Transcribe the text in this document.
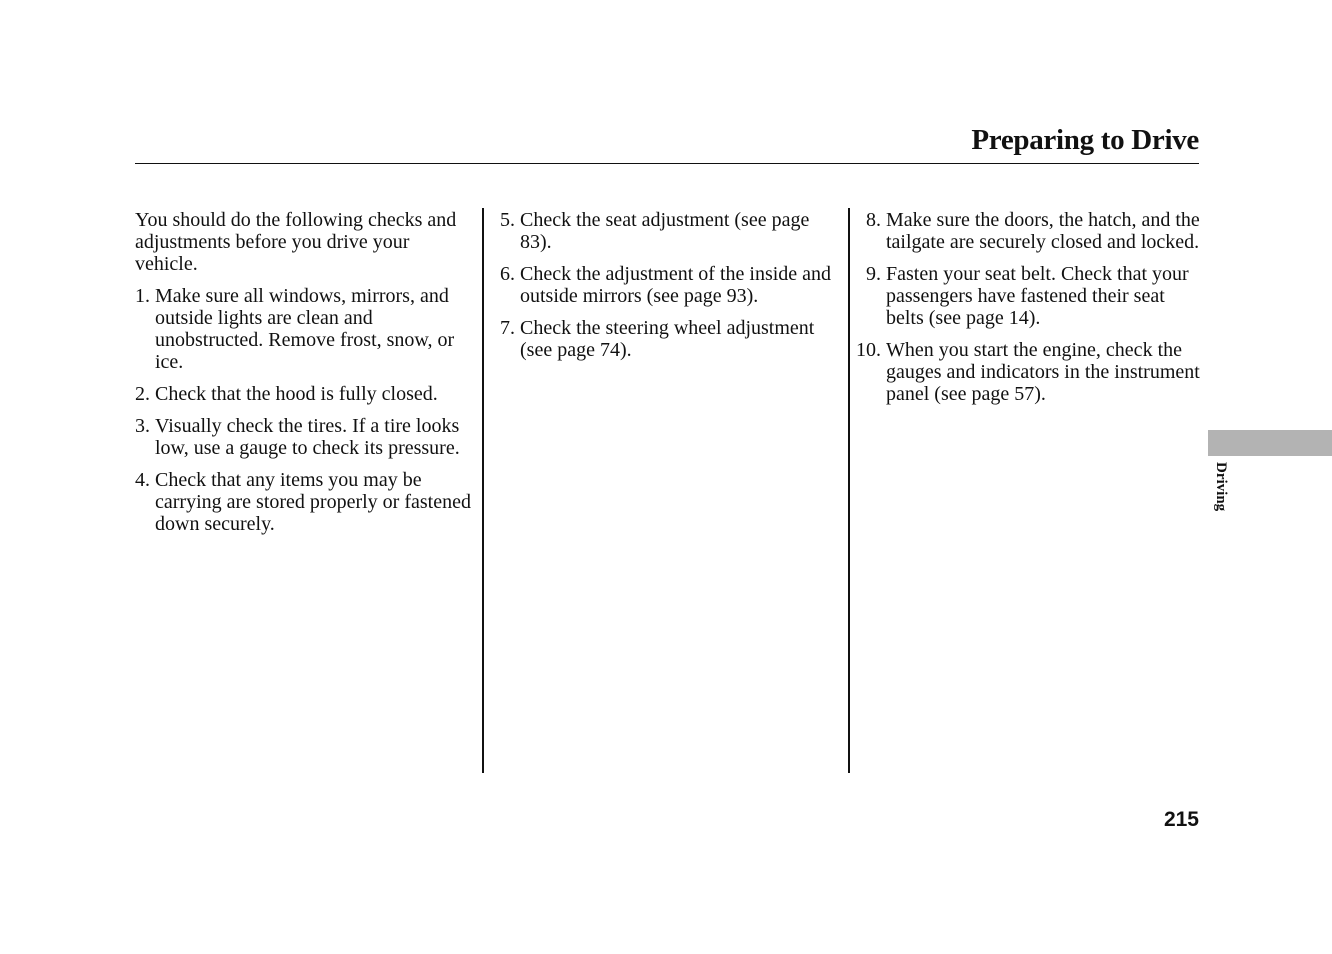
Preparing to Drive

You should do the following checks and adjustments before you drive your vehicle.

1. Make sure all windows, mirrors, and outside lights are clean and unobstructed. Remove frost, snow, or ice.
2. Check that the hood is fully closed.
3. Visually check the tires. If a tire looks low, use a gauge to check its pressure.
4. Check that any items you may be carrying are stored properly or fastened down securely.
5. Check the seat adjustment (see page 83).
6. Check the adjustment of the inside and outside mirrors (see page 93).
7. Check the steering wheel adjustment (see page 74).
8. Make sure the doors, the hatch, and the tailgate are securely closed and locked.
9. Fasten your seat belt. Check that your passengers have fastened their seat belts (see page 14).
10. When you start the engine, check the gauges and indicators in the instrument panel (see page 57).
Driving
215
